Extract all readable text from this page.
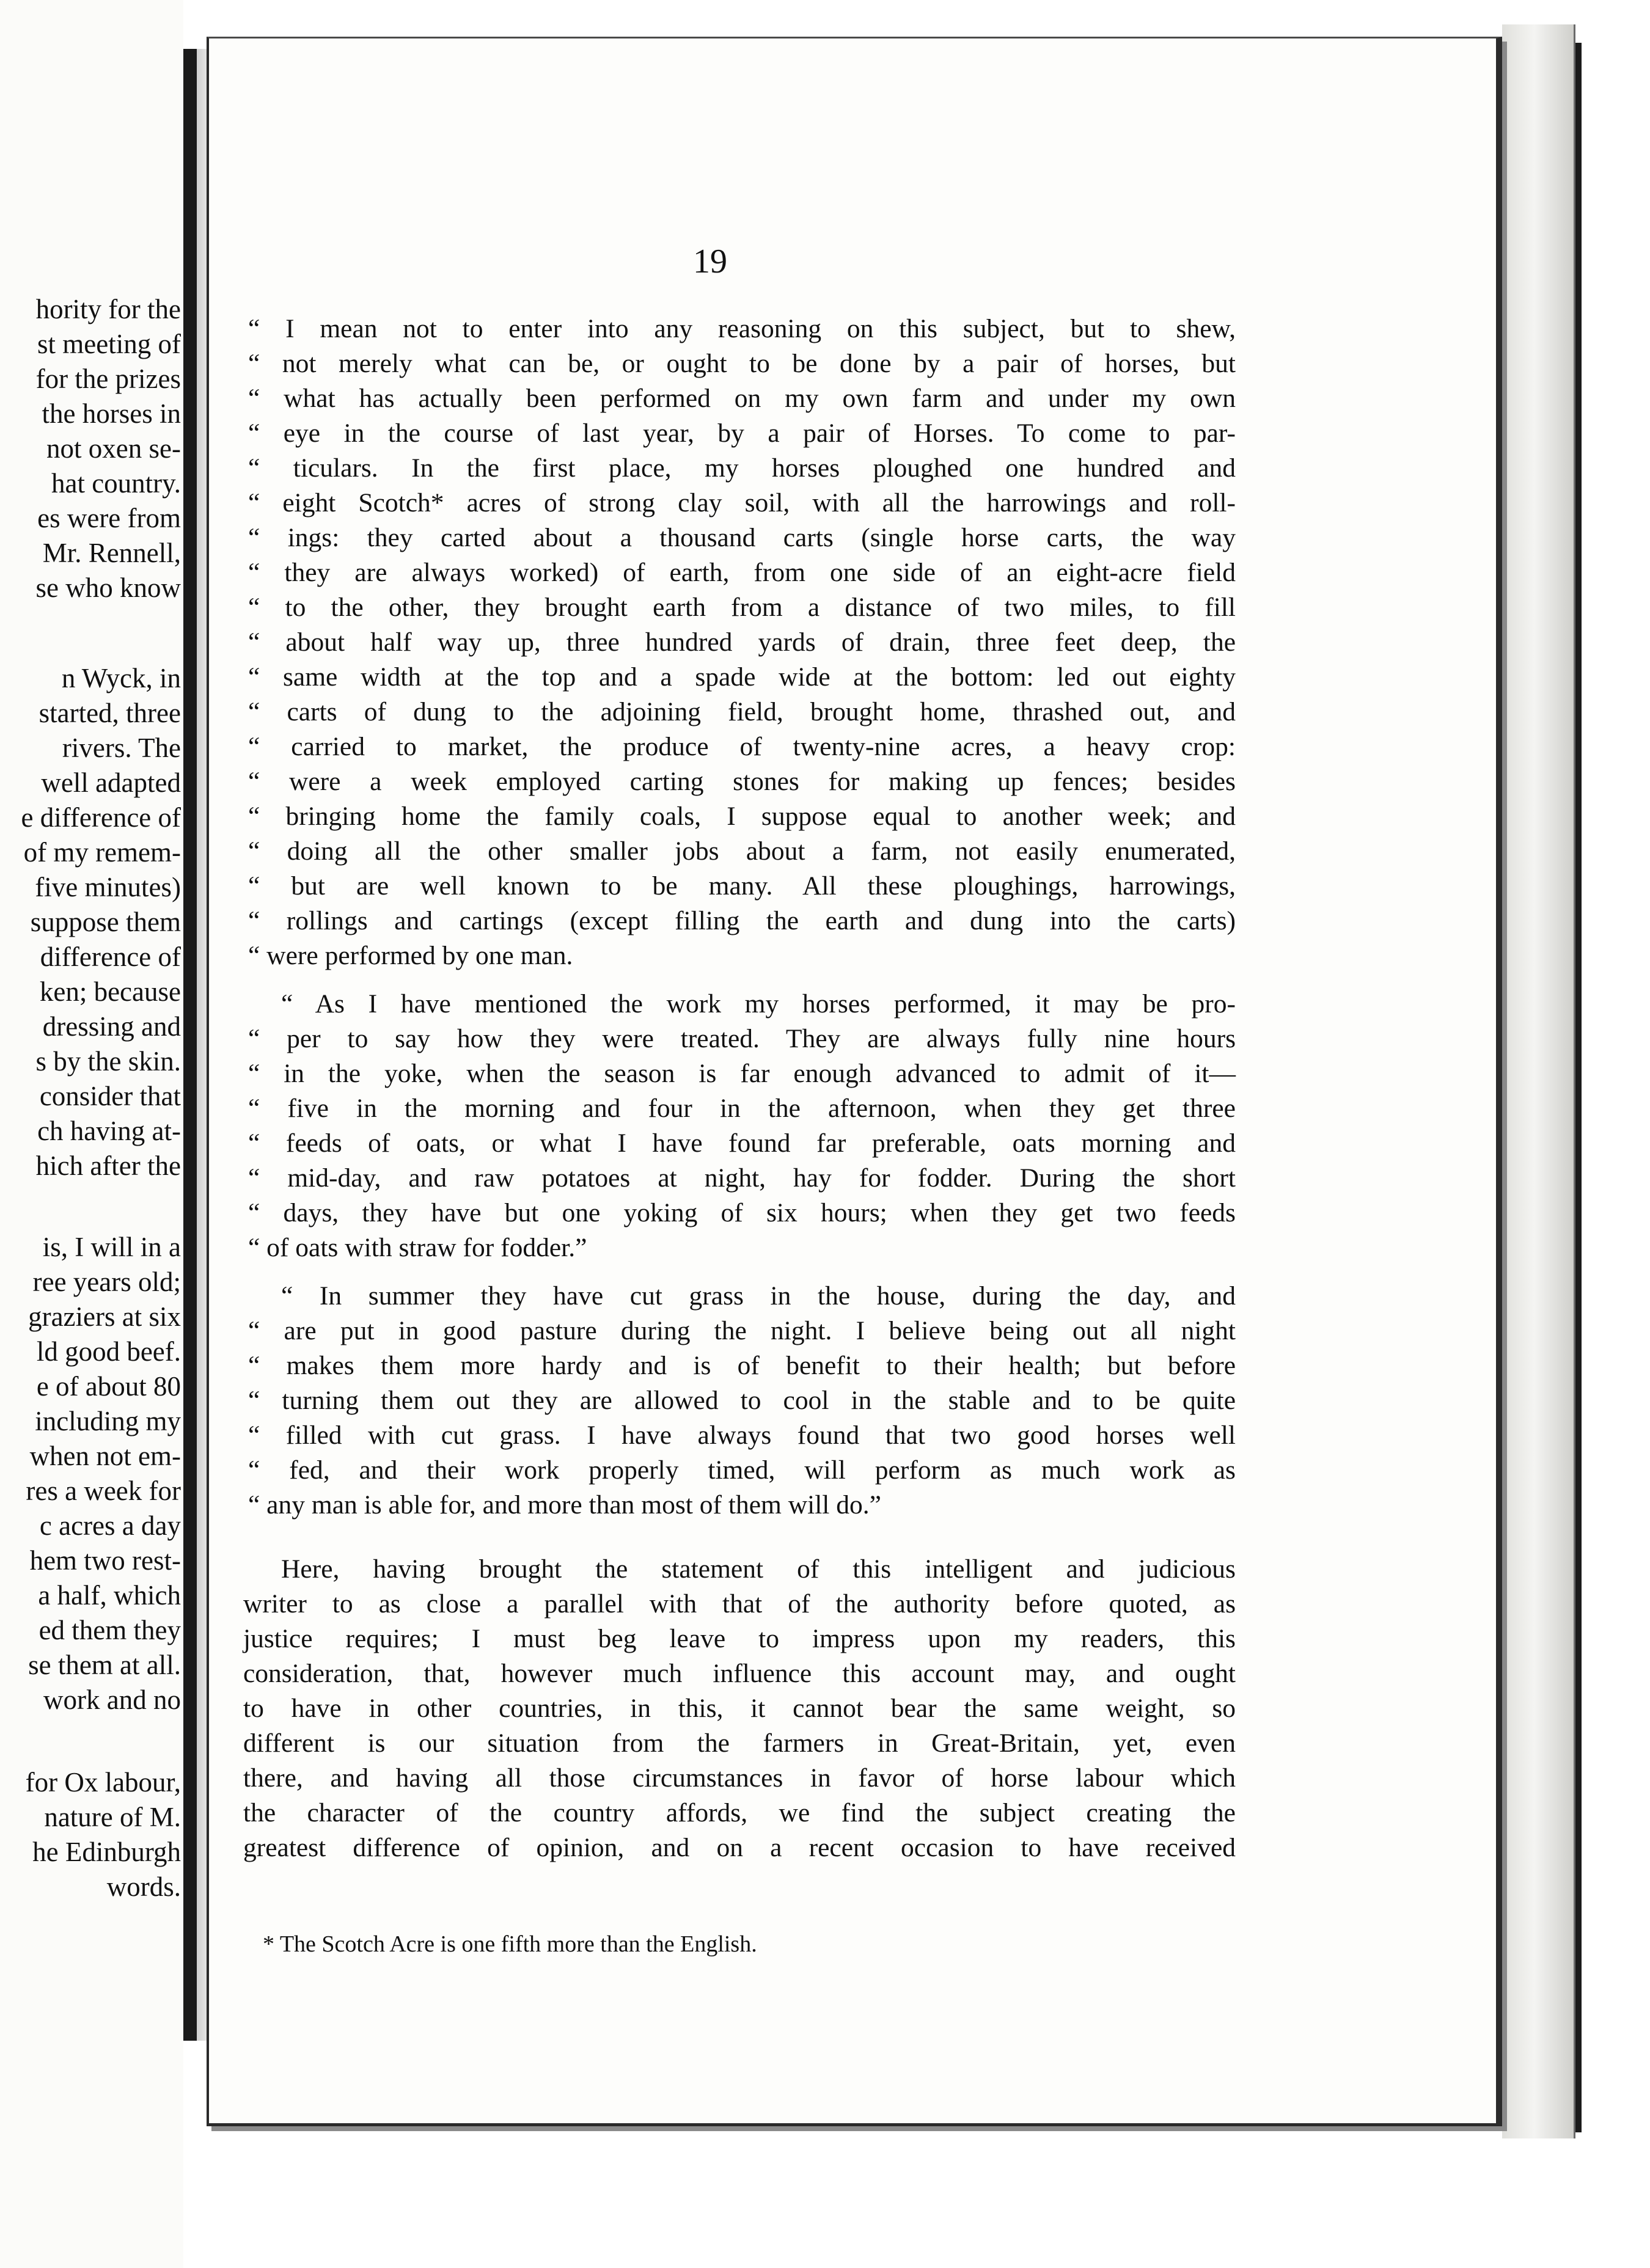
hority for the
st meeting of
for the prizes
the horses in
not oxen se-
hat country.
es were from
Mr. Rennell,
se who know
n Wyck, in
started, three
rivers. The
well adapted
e difference of
of my remem-
five minutes)
suppose them
difference of
ken; because
dressing and
s by the skin.
consider that
ch having at-
hich after the
is, I will in a
ree years old;
graziers at six
ld good beef.
e of about 80
including my
when not em-
res a week for
c acres a day
hem two rest-
a half, which
ed them they
se them at all.
work and no
for Ox labour,
nature of M.
he Edinburgh
words.
19
“ I mean not to enter into any reasoning on this subject, but to shew,
“ not merely what can be, or ought to be done by a pair of horses, but
“ what has actually been performed on my own farm and under my own
“ eye in the course of last year, by a pair of Horses. To come to par-
“ ticulars. In the first place, my horses ploughed one hundred and
“ eight Scotch* acres of strong clay soil, with all the harrowings and roll-
“ ings: they carted about a thousand carts (single horse carts, the way
“ they are always worked) of earth, from one side of an eight-acre field
“ to the other, they brought earth from a distance of two miles, to fill
“ about half way up, three hundred yards of drain, three feet deep, the
“ same width at the top and a spade wide at the bottom: led out eighty
“ carts of dung to the adjoining field, brought home, thrashed out, and
“ carried to market, the produce of twenty-nine acres, a heavy crop:
“ were a week employed carting stones for making up fences; besides
“ bringing home the family coals, I suppose equal to another week; and
“ doing all the other smaller jobs about a farm, not easily enumerated,
“ but are well known to be many. All these ploughings, harrowings,
“ rollings and cartings (except filling the earth and dung into the carts)
“ were performed by one man.
“ As I have mentioned the work my horses performed, it may be pro-
“ per to say how they were treated. They are always fully nine hours
“ in the yoke, when the season is far enough advanced to admit of it—
“ five in the morning and four in the afternoon, when they get three
“ feeds of oats, or what I have found far preferable, oats morning and
“ mid-day, and raw potatoes at night, hay for fodder. During the short
“ days, they have but one yoking of six hours; when they get two feeds
“ of oats with straw for fodder.”
“ In summer they have cut grass in the house, during the day, and
“ are put in good pasture during the night. I believe being out all night
“ makes them more hardy and is of benefit to their health; but before
“ turning them out they are allowed to cool in the stable and to be quite
“ filled with cut grass. I have always found that two good horses well
“ fed, and their work properly timed, will perform as much work as
“ any man is able for, and more than most of them will do.”
Here, having brought the statement of this intelligent and judicious
writer to as close a parallel with that of the authority before quoted, as
justice requires; I must beg leave to impress upon my readers, this
consideration, that, however much influence this account may, and ought
to have in other countries, in this, it cannot bear the same weight, so
different is our situation from the farmers in Great-Britain, yet, even
there, and having all those circumstances in favor of horse labour which
the character of the country affords, we find the subject creating the
greatest difference of opinion, and on a recent occasion to have received
* The Scotch Acre is one fifth more than the English.
